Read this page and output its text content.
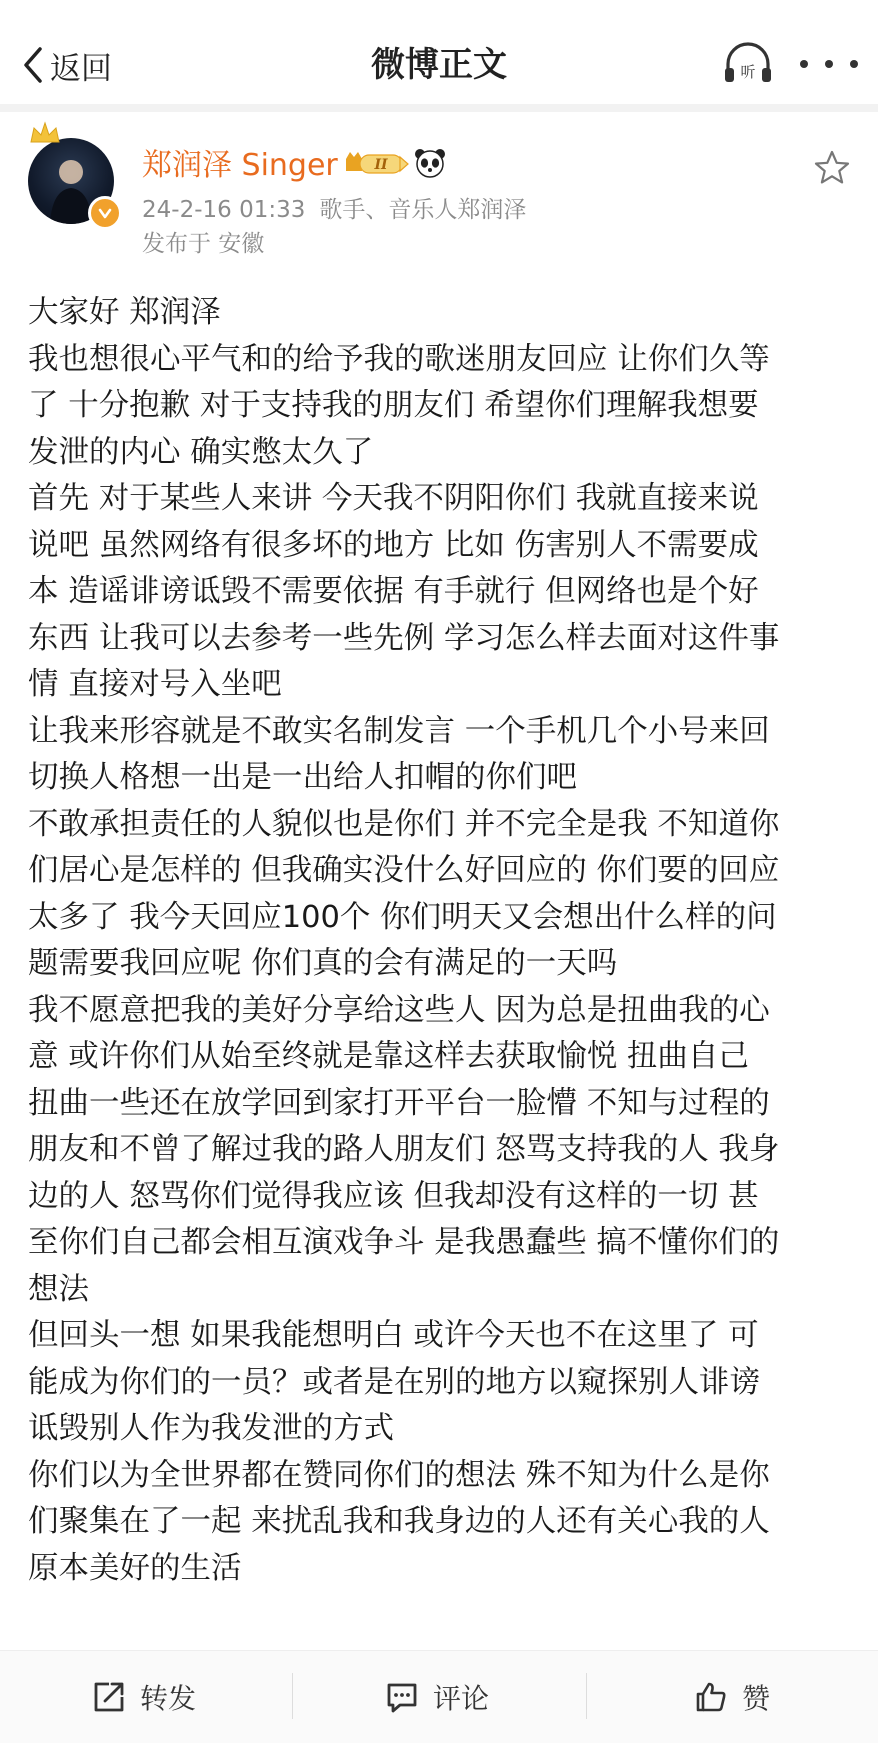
返回	微博正文	听
郑润泽 Singer	II
24-2-16 01:33 歌手、音乐人郑润泽
发布于 安徽

大家好 郑润泽

我也想很心平气和的给予我的歌迷朋友回应 让你们久等

了 十分抱歉 对于支持我的朋友们 希望你们理解我想要

发泄的内心 确实憋太久了

首先 对于某些人来讲 今天我不阴阳你们 我就直接来说

说吧 虽然网络有很多坏的地方 比如 伤害别人不需要成

本 造谣诽谤诋毁不需要依据 有手就行 但网络也是个好

东西 让我可以去参考一些先例 学习怎么样去面对这件事

情 直接对号入坐吧

让我来形容就是不敢实名制发言 一个手机几个小号来回

切换人格想一出是一出给人扣帽的你们吧

不敢承担责任的人貌似也是你们 并不完全是我 不知道你

们居心是怎样的 但我确实没什么好回应的 你们要的回应

太多了 我今天回应100个 你们明天又会想出什么样的问

题需要我回应呢 你们真的会有满足的一天吗

我不愿意把我的美好分享给这些人 因为总是扭曲我的心

意 或许你们从始至终就是靠这样去获取愉悦 扭曲自己

扭曲一些还在放学回到家打开平台一脸懵 不知与过程的

朋友和不曾了解过我的路人朋友们 怒骂支持我的人 我身

边的人 怒骂你们觉得我应该 但我却没有这样的一切 甚

至你们自己都会相互演戏争斗 是我愚蠢些 搞不懂你们的

想法

但回头一想 如果我能想明白 或许今天也不在这里了 可

能成为你们的一员？或者是在别的地方以窥探别人诽谤

诋毁别人作为我发泄的方式

你们以为全世界都在赞同你们的想法 殊不知为什么是你

们聚集在了一起 来扰乱我和我身边的人还有关心我的人

原本美好的生活

转发	评论	赞
